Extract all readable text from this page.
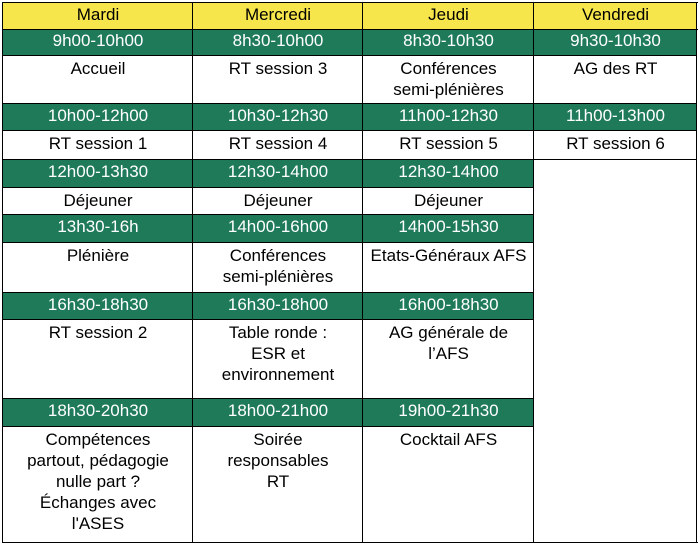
Mardi
9h00-10h00
Accueil
10h00-12h00
RT session 1
12h00-13h30
Déjeuner
13h30-16h
Plénière
16h30-18h30
RT session 2
18h30-20h30
Compétences partout, pédagogie nulle part ? Échanges avec l'ASES
Mercredi
8h30-10h00
RT session 3
10h30-12h30
RT session 4
12h30-14h00
Déjeuner
14h00-16h00
Conférences semi-plénières
16h30-18h00
Table ronde : ESR et environnement
18h00-21h00
Soirée responsables RT
Jeudi
8h30-10h30
Conférences semi-plénières
11h00-12h30
RT session 5
12h30-14h00
Déjeuner
14h00-15h30
Etats-Généraux AFS
16h00-18h30
AG générale de l’AFS
19h00-21h30
Cocktail AFS
Vendredi
9h30-10h30
AG des RT
11h00-13h00
RT session 6
